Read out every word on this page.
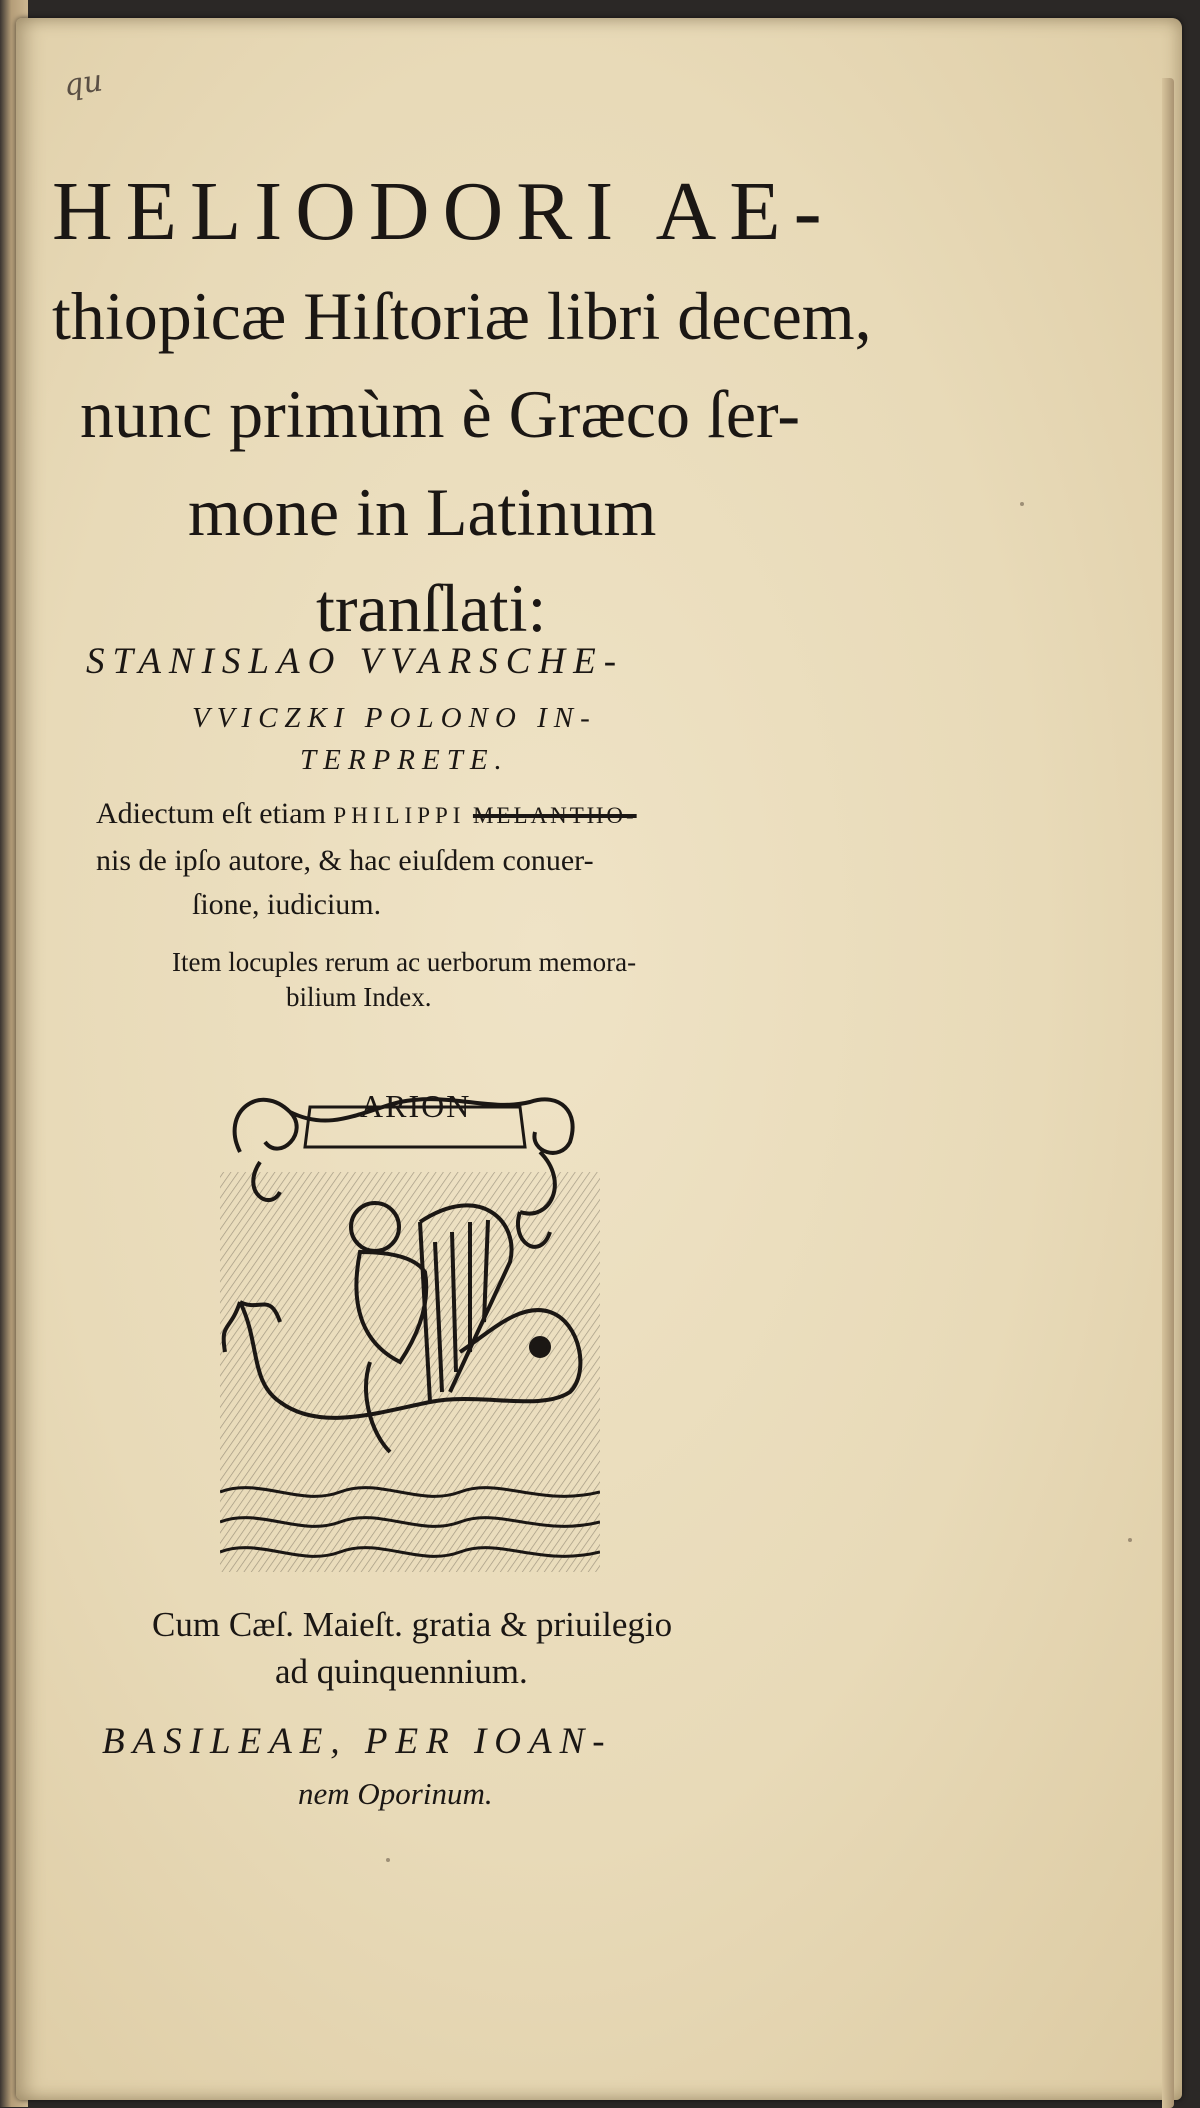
qu
HELIODORI AE-
thiopicæ Hiſtoriæ libri decem,
nunc primùm è Græco ſer-
mone in Latinum
tranſlati:
STANISLAO VVARSCHE-
VVICZKI POLONO IN-
TERPRETE.
Adiectum eſt etiam PHILIPPI MELANTHO-
nis de ipſo autore, & hac eiuſdem conuer-
ſione, iudicium.
Item locuples rerum ac uerborum memora-
bilium Index.
ARION
Cum Cæſ. Maieſt. gratia & priuilegio
ad quinquennium.
BASILEAE, PER IOAN-
nem Oporinum.
